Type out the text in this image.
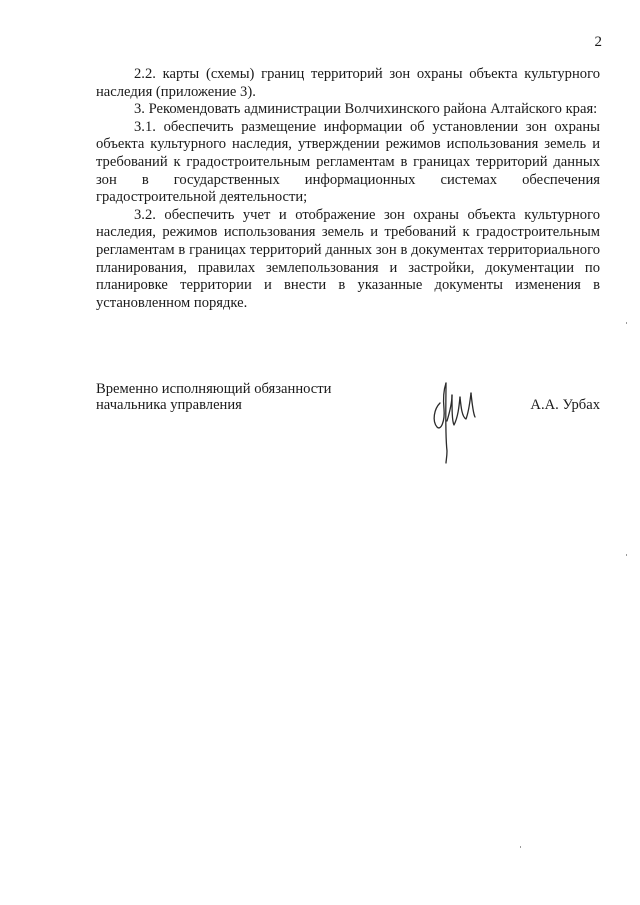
2

2.2. карты (схемы) границ территорий зон охраны объекта культурного наследия (приложение 3).

3. Рекомендовать администрации Волчихинского района Алтайского края:

3.1. обеспечить размещение информации об установлении зон охраны объекта культурного наследия, утверждении режимов использования земель и требований к градостроительным регламентам в границах территорий данных зон в государственных информационных системах обеспечения градостроительной деятельности;

3.2. обеспечить учет и отображение зон охраны объекта культурного наследия, режимов использования земель и требований к градостроительным регламентам в границах территорий данных зон в документах территориального планирования, правилах землепользования и застройки, документации по планировке территории и внести в указанные документы изменения в установленном порядке.

Временно исполняющий обязанности
начальника управления	А.А. Урбах
